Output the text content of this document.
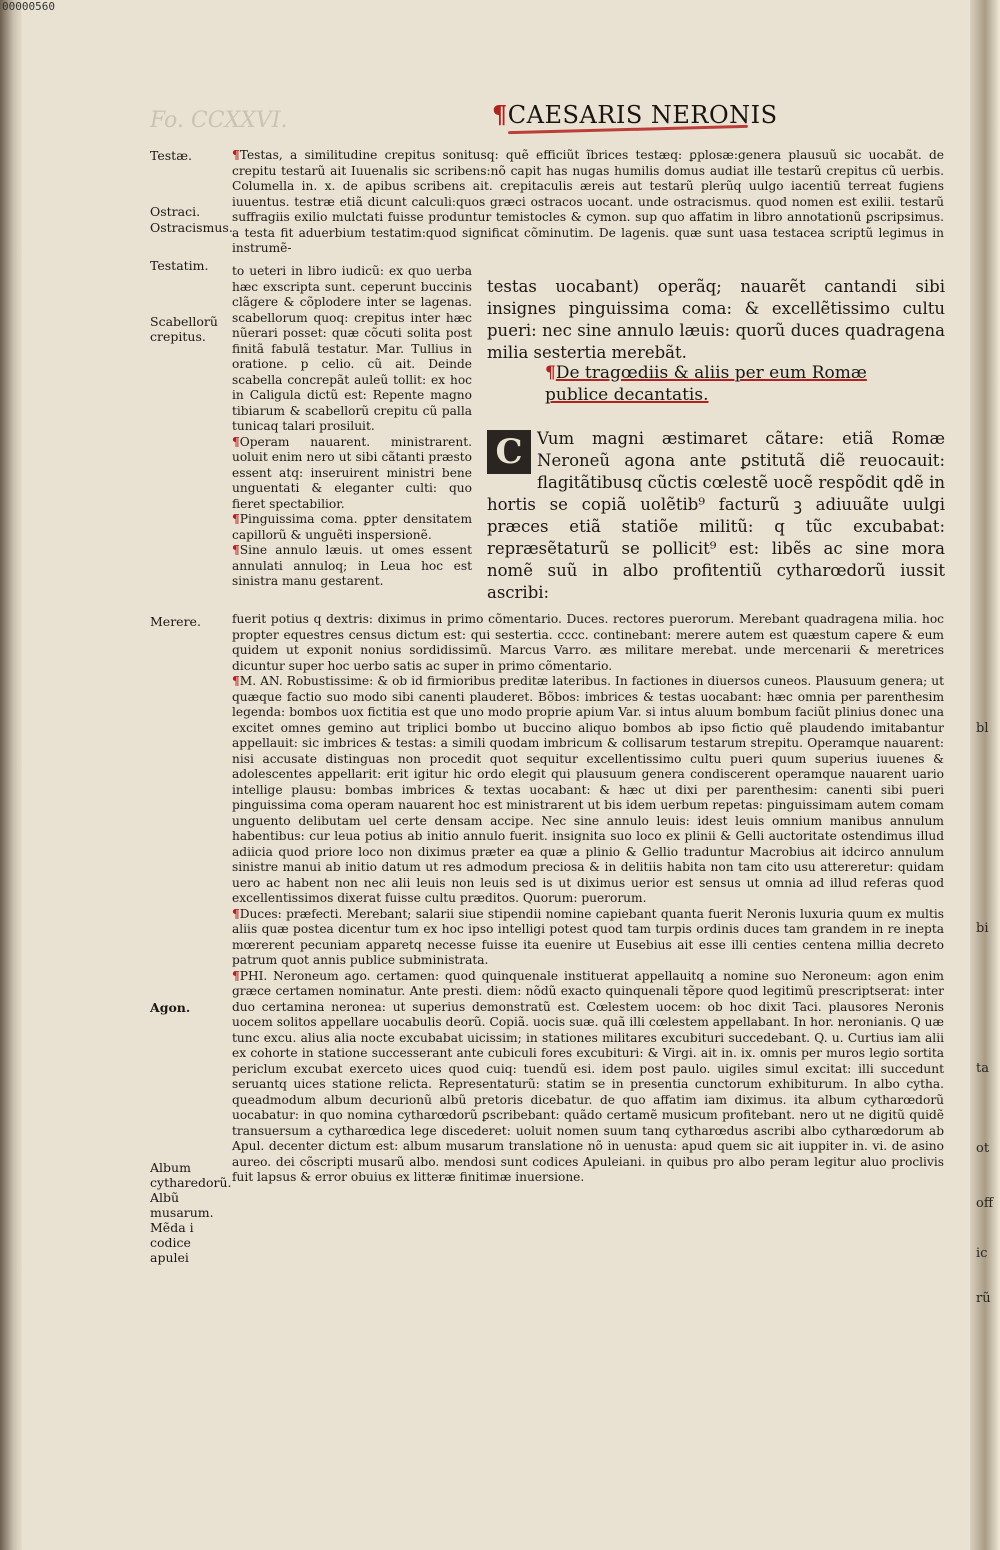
00000560
Fo. CCXXVI.	¶CAESARIS NERONIS
Testæ.
Ostraci.
Ostracismus.
Testatim.
Scabellorũ crepitus.
Merere.
Agon.
Album cytharedorũ. Albũ musarum. Mẽda i codice apulei
¶Testas, a similitudine crepitus sonitusq: quẽ efficiũt ĩbrices testæq: ꝑplosæ:genera plausuũ sic uocabãt. de crepitu testarũ ait Iuuenalis sic scribens:nõ capit has nugas humilis domus audiat ille testarũ crepitus cũ uerbis. Columella in. x. de apibus scribens ait. crepitaculis æreis aut testarũ plerũq uulgo iacentiũ terreat fugiens iuuentus. testræ etiã dicunt calculi:quos græci ostracos uocant. unde ostracismus. quod nomen est exilii. testarũ suffragiis exilio mulctati fuisse produntur temistocles & cymon. sup quo affatim in libro annotationũ ꝑscripsimus. a testa fit aduerbium testatim:quod significat cõminutim. De lagenis. quæ sunt uasa testacea scriptũ legimus in instrumẽ-

to ueteri in libro iudicũ: ex quo uerba hæc exscripta sunt. ceperunt buccinis clãgere & cõplodere inter se lagenas. scabellorum quoq: crepitus inter hæc nũerari posset: quæ cõcuti solita post finitã fabulã testatur. Mar. Tullius in oratione. p celio. cũ ait. Deinde scabella concrepãt auleũ tollit: ex hoc in Caligula dictũ est: Repente magno tibiarum & scabellorũ crepitu cũ palla tunicaq talari prosiluit.

¶Operam nauarent. ministrarent. uoluit enim nero ut sibi cãtanti præsto essent atq: inseruirent ministri bene unguentati & eleganter culti: quo fieret spectabilior.

¶Pinguissima coma. ꝑpter densitatem capillorũ & unguẽti inspersionẽ.

¶Sine annulo læuis. ut omes essent annulati annuloq; in Leua hoc est sinistra manu gestarent.

testas uocabant) operãq; nauarẽt cantandi sibi insignes pinguissima coma: & excellẽtissimo cultu pueri: nec sine annulo læuis: quorũ duces quadragena milia sestertia merebãt.
¶De tragœdiis & aliis per eum Romæ publice decantatis.
C Vum magni æstimaret cãtare: etiã Romæ Neroneũ agona ante ꝑstitutã diẽ reuocauit: flagitãtibusq cũctis cœlestẽ uocẽ respõdit qdẽ in hortis se copiã uolẽtib⁹ facturũ ꝫ adiuuãte uulgi præces etiã statiõe militũ: q tũc excubabat: repræsẽtaturũ se pollicit⁹ est: libẽs ac sine mora nomẽ suũ in albo profitentiũ cytharœdorũ iussit ascribi:

fuerit potius q dextris: diximus in primo cõmentario. Duces. rectores puerorum. Merebant quadragena milia. hoc propter equestres census dictum est: qui sestertia. cccc. continebant: merere autem est quæstum capere & eum quidem ut exponit nonius sordidissimũ. Marcus Varro. æs militare merebat. unde mercenarii & meretrices dicuntur super hoc uerbo satis ac super in primo cõmentario.

¶M. AN. Robustissime: & ob id firmioribus preditæ lateribus. In factiones in diuersos cuneos. Plausuum genera; ut quæque factio suo modo sibi canenti plauderet. Bõbos: imbrices & testas uocabant: hæc omnia per parenthesim legenda: bombos uox fictitia est que uno modo proprie apium Var. si intus aluum bombum faciũt plinius donec una excitet omnes gemino aut triplici bombo ut buccino aliquo bombos ab ipso fictio quẽ plaudendo imitabantur appellauit: sic imbrices & testas: a simili quodam imbricum & collisarum testarum strepitu. Operamque nauarent: nisi accusate distinguas non procedit quot sequitur excellentissimo cultu pueri quum superius iuuenes & adolescentes appellarit: erit igitur hic ordo elegit qui plausuum genera condiscerent operamque nauarent uario intellige plausu: bombas imbrices & textas uocabant: & hæc ut dixi per parenthesim: canenti sibi pueri pinguissima coma operam nauarent hoc est ministrarent ut bis idem uerbum repetas: pinguissimam autem comam unguento delibutam uel certe densam accipe. Nec sine annulo leuis: idest leuis omnium manibus annulum habentibus: cur leua potius ab initio annulo fuerit. insignita suo loco ex plinii & Gelli auctoritate ostendimus illud adiicia quod priore loco non diximus præter ea quæ a plinio & Gellio traduntur Macrobius ait idcirco annulum sinistre manui ab initio datum ut res admodum preciosa & in delitiis habita non tam cito usu attereretur: quidam uero ac habent non nec alii leuis non leuis sed is ut diximus uerior est sensus ut omnia ad illud referas quod excellentissimos dixerat fuisse cultu præditos. Quorum: puerorum.

¶Duces: præfecti. Merebant; salarii siue stipendii nomine capiebant quanta fuerit Neronis luxuria quum ex multis aliis quæ postea dicentur tum ex hoc ipso intelligi potest quod tam turpis ordinis duces tam grandem in re inepta mœrerent pecuniam apparetq necesse fuisse ita euenire ut Eusebius ait esse illi centies centena millia decreto patrum quot annis publice subministrata.

¶PHI. Neroneum ago. certamen: quod quinquenale instituerat appellauitq a nomine suo Neroneum: agon enim græce certamen nominatur. Ante presti. diem: nõdũ exacto quinquenali tẽpore quod legitimũ prescriptserat: inter duo certamina neronea: ut superius demonstratũ est. Cœlestem uocem: ob hoc dixit Taci. plausores Neronis uocem solitos appellare uocabulis deorũ. Copiã. uocis suæ. quã illi cœlestem appellabant. In hor. neronianis. Q uæ tunc excu. alius alia nocte excubabat uicissim; in stationes militares excubituri succedebant. Q. u. Curtius iam alii ex cohorte in statione successerant ante cubiculi fores excubituri: & Virgi. ait in. ix. omnis per muros legio sortita periclum excubat exerceto uices quod cuiq: tuendũ esi. idem post paulo. uigiles simul excitat: illi succedunt seruantq uices statione relicta. Representaturũ: statim se in presentia cunctorum exhibiturum. In albo cytha. queadmodum album decurionũ albũ pretoris dicebatur. de quo affatim iam diximus. ita album cytharœdorũ uocabatur: in quo nomina cytharœdorũ ꝑscribebant: quãdo certamẽ musicum profitebant. nero ut ne digitũ quidẽ transuersum a cytharœdica lege discederet: uoluit nomen suum tanq cytharœdus ascribi albo cytharœdorum ab Apul. decenter dictum est: album musarum translatione nõ in uenusta: apud quem sic ait iuppiter in. vi. de asino aureo. dei cõscripti musarũ albo. mendosi sunt codices Apuleiani. in quibus pro albo peram legitur aluo proclivis fuit lapsus & error obuius ex litteræ finitimæ inuersione.

bl
bi
ta
ot
off
ic
rũ
